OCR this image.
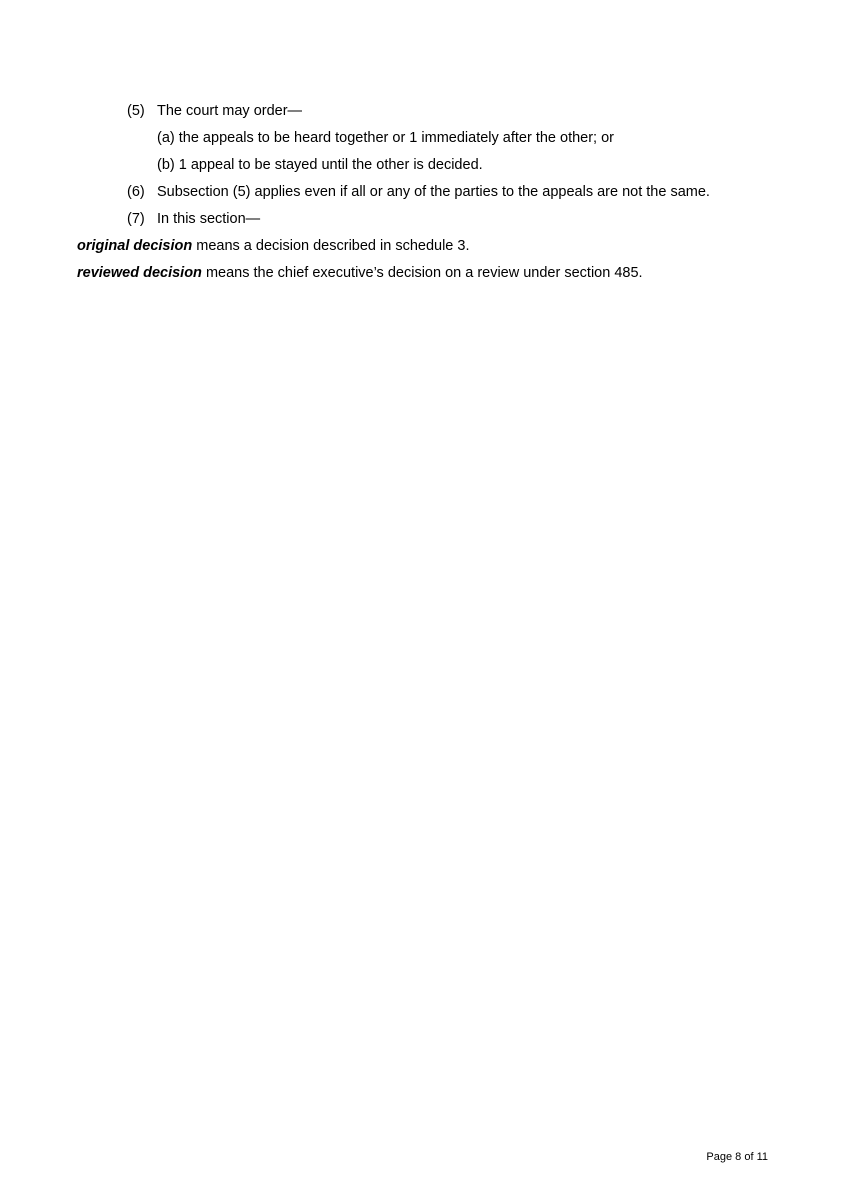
(5) The court may order—
(a) the appeals to be heard together or 1 immediately after the other; or
(b) 1 appeal to be stayed until the other is decided.
(6) Subsection (5) applies even if all or any of the parties to the appeals are not the same.
(7) In this section—
original decision means a decision described in schedule 3.
reviewed decision means the chief executive’s decision on a review under section 485.
Page 8 of 11
